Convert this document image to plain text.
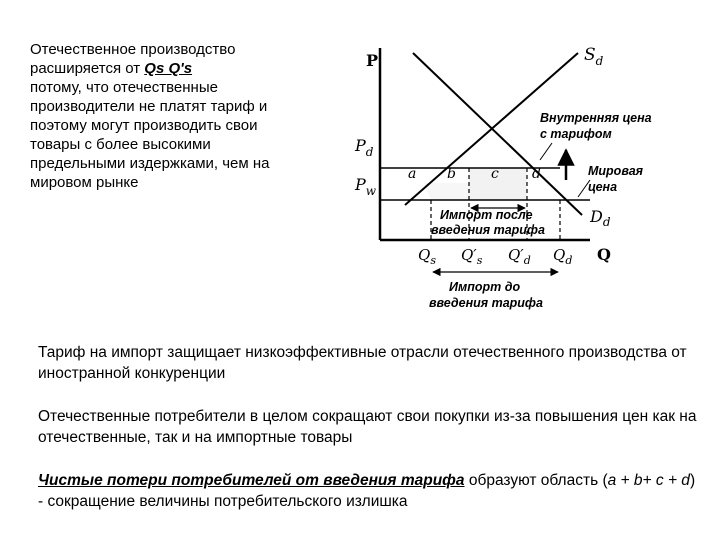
Отечественное производство
расширяется от Qs Q's
потому, что отечественные
производители не платят тариф и
поэтому могут производить свои
товары с более высокими
предельными издержками, чем на
мировом рынке
P
Q
$S_d$
$D_d$
$P_d$
$P_w$
a b	c d
$Q_s$ $Q'_s$ $Q'_d$ $Q_d$
Внутренняя цена с тарифом
Мировая цена
Импорт после введения тарифа
Импорт до введения тарифа
Тариф на импорт защищает низкоэффективные отрасли отечественного производства от иностранной конкуренции
Отечественные потребители в целом сокращают свои покупки из-за повышения цен как на отечественные, так и на импортные товары
Чистые потери потребителей от введения тарифа образуют область (a + b+ c + d) - сокращение величины потребительского излишка
